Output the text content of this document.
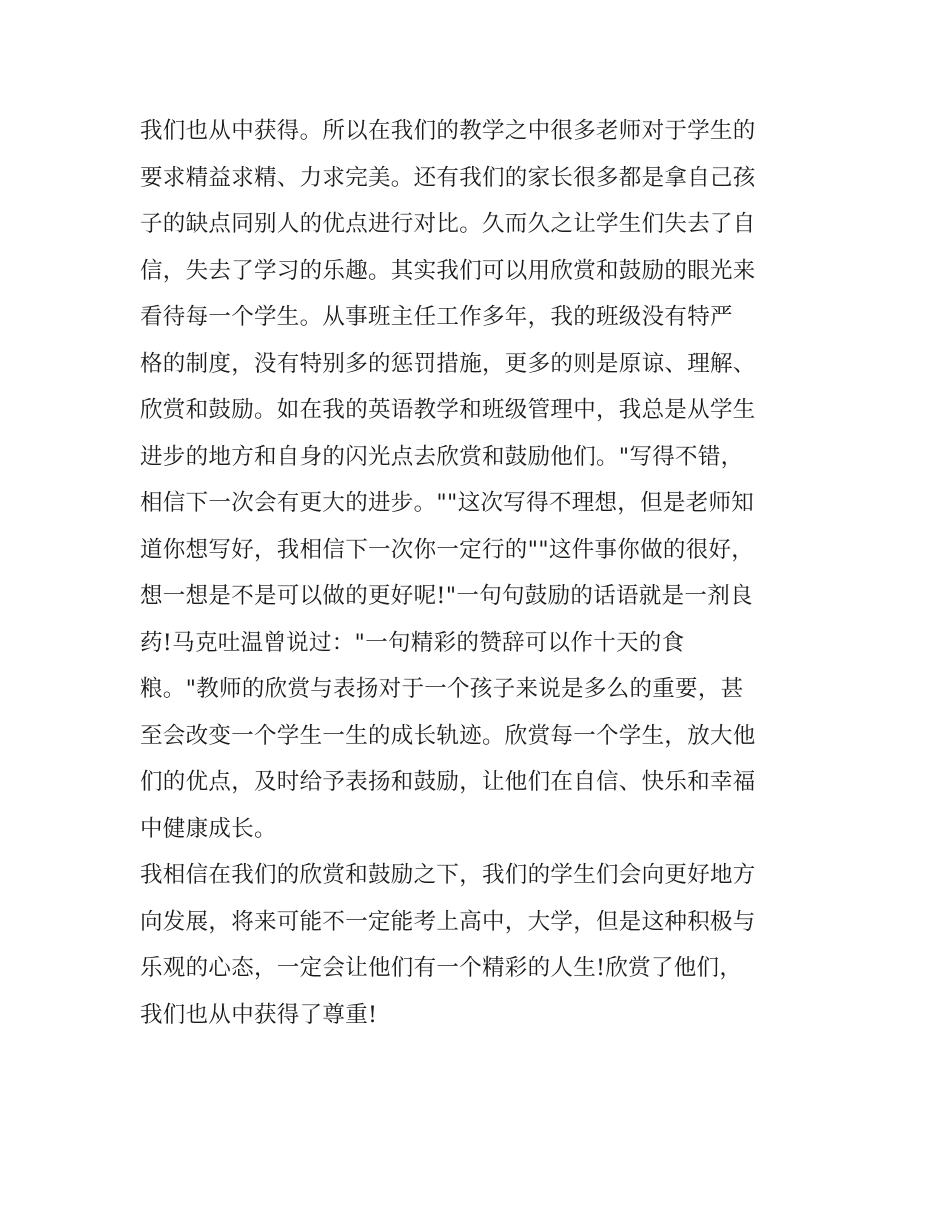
我们也从中获得。所以在我们的教学之中很多老师对于学生的
要求精益求精、力求完美。还有我们的家长很多都是拿自己孩
子的缺点同别人的优点进行对比。久而久之让学生们失去了自
信，失去了学习的乐趣。其实我们可以用欣赏和鼓励的眼光来
看待每一个学生。从事班主任工作多年，我的班级没有特严
格的制度，没有特别多的惩罚措施，更多的则是原谅、理解、
欣赏和鼓励。如在我的英语教学和班级管理中，我总是从学生
进步的地方和自身的闪光点去欣赏和鼓励他们。"写得不错，
相信下一次会有更大的进步。""这次写得不理想，但是老师知
道你想写好，我相信下一次你一定行的""这件事你做的很好，
想一想是不是可以做的更好呢!"一句句鼓励的话语就是一剂良
药!马克吐温曾说过："一句精彩的赞辞可以作十天的食
粮。"教师的欣赏与表扬对于一个孩子来说是多么的重要，甚
至会改变一个学生一生的成长轨迹。欣赏每一个学生，放大他
们的优点，及时给予表扬和鼓励，让他们在自信、快乐和幸福
中健康成长。
我相信在我们的欣赏和鼓励之下，我们的学生们会向更好地方
向发展，将来可能不一定能考上高中，大学，但是这种积极与
乐观的心态，一定会让他们有一个精彩的人生!欣赏了他们，
我们也从中获得了尊重!
